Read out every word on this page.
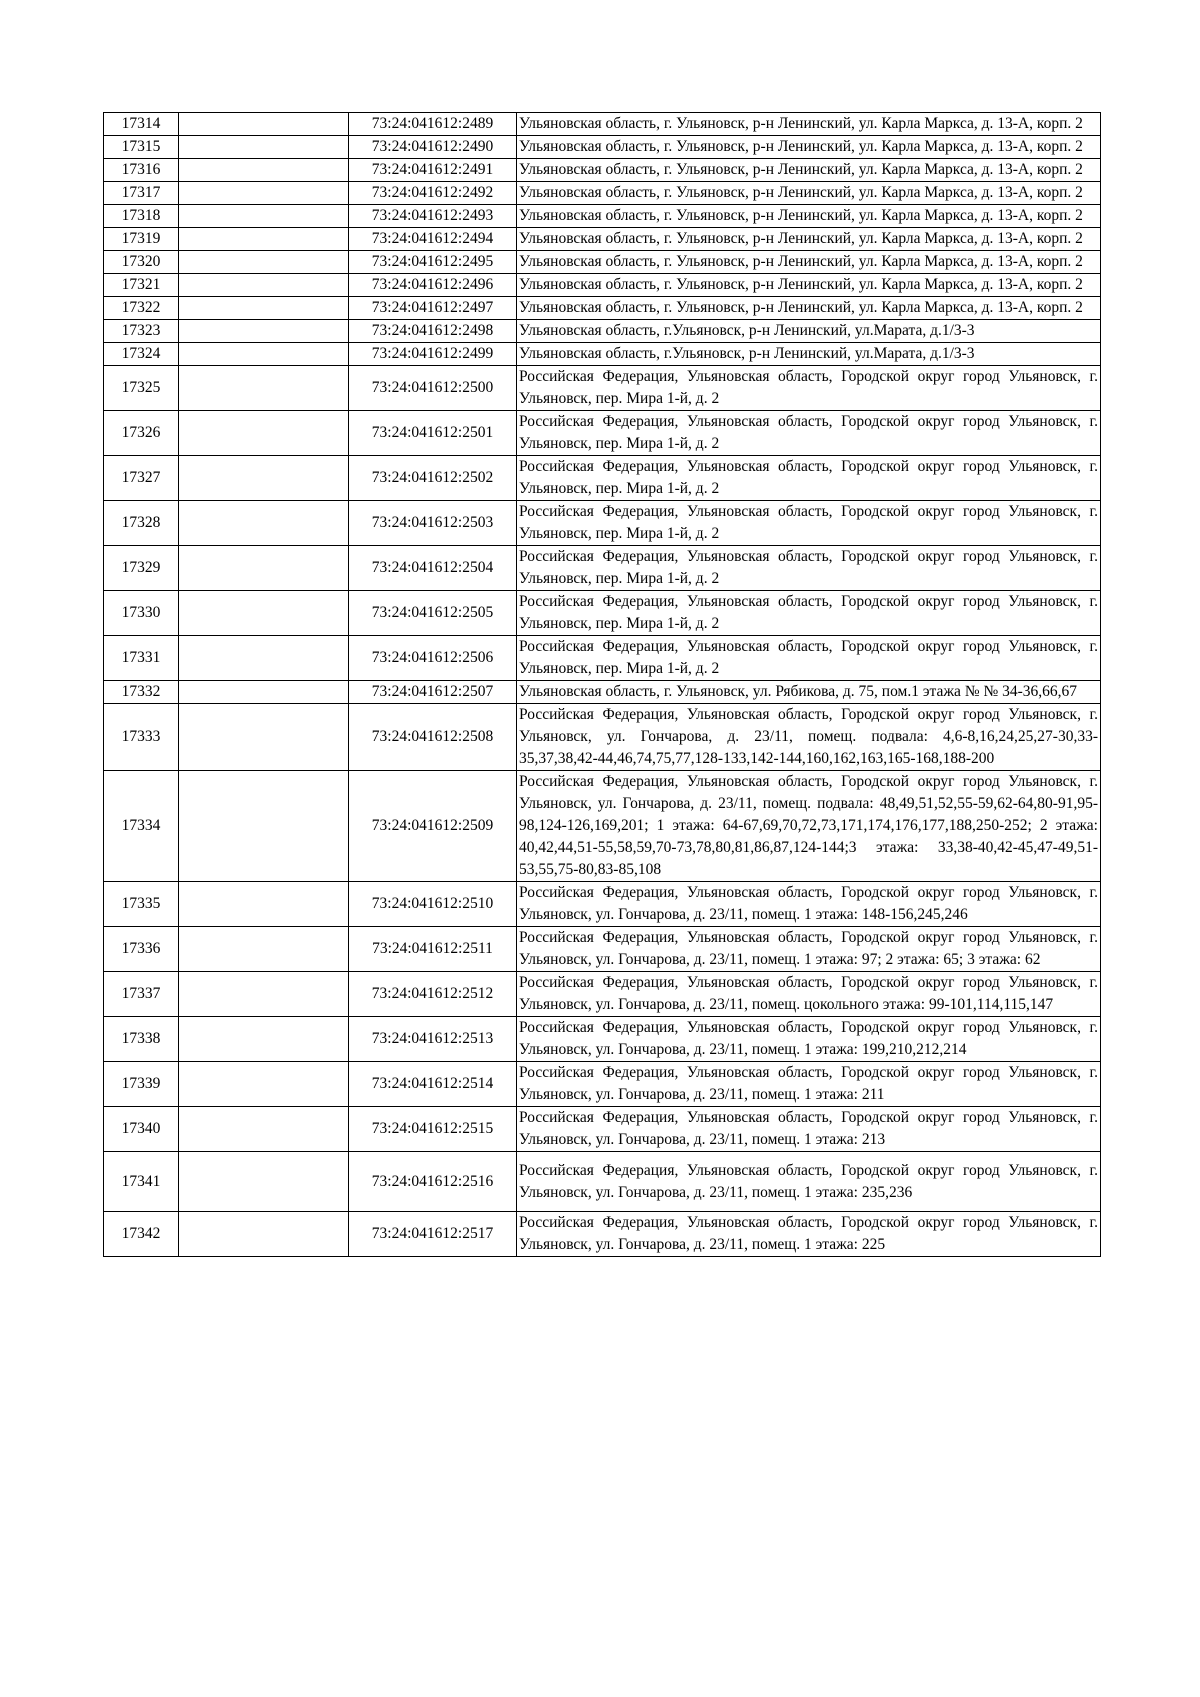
17314		73:24:041612:2489	Ульяновская область, г. Ульяновск, р-н Ленинский, ул. Карла Маркса, д. 13-А, корп. 2
17315		73:24:041612:2490	Ульяновская область, г. Ульяновск, р-н Ленинский, ул. Карла Маркса, д. 13-А, корп. 2
17316		73:24:041612:2491	Ульяновская область, г. Ульяновск, р-н Ленинский, ул. Карла Маркса, д. 13-А, корп. 2
17317		73:24:041612:2492	Ульяновская область, г. Ульяновск, р-н Ленинский, ул. Карла Маркса, д. 13-А, корп. 2
17318		73:24:041612:2493	Ульяновская область, г. Ульяновск, р-н Ленинский, ул. Карла Маркса, д. 13-А, корп. 2
17319		73:24:041612:2494	Ульяновская область, г. Ульяновск, р-н Ленинский, ул. Карла Маркса, д. 13-А, корп. 2
17320		73:24:041612:2495	Ульяновская область, г. Ульяновск, р-н Ленинский, ул. Карла Маркса, д. 13-А, корп. 2
17321		73:24:041612:2496	Ульяновская область, г. Ульяновск, р-н Ленинский, ул. Карла Маркса, д. 13-А, корп. 2
17322		73:24:041612:2497	Ульяновская область, г. Ульяновск, р-н Ленинский, ул. Карла Маркса, д. 13-А, корп. 2
17323		73:24:041612:2498	Ульяновская область, г.Ульяновск, р-н Ленинский, ул.Марата, д.1/3-3
17324		73:24:041612:2499	Ульяновская область, г.Ульяновск, р-н Ленинский, ул.Марата, д.1/3-3
17325		73:24:041612:2500	Российская Федерация, Ульяновская область, Городской округ город Ульяновск, г. Ульяновск, пер. Мира 1-й, д. 2
17326		73:24:041612:2501	Российская Федерация, Ульяновская область, Городской округ город Ульяновск, г. Ульяновск, пер. Мира 1-й, д. 2
17327		73:24:041612:2502	Российская Федерация, Ульяновская область, Городской округ город Ульяновск, г. Ульяновск, пер. Мира 1-й, д. 2
17328		73:24:041612:2503	Российская Федерация, Ульяновская область, Городской округ город Ульяновск, г. Ульяновск, пер. Мира 1-й, д. 2
17329		73:24:041612:2504	Российская Федерация, Ульяновская область, Городской округ город Ульяновск, г. Ульяновск, пер. Мира 1-й, д. 2
17330		73:24:041612:2505	Российская Федерация, Ульяновская область, Городской округ город Ульяновск, г. Ульяновск, пер. Мира 1-й, д. 2
17331		73:24:041612:2506	Российская Федерация, Ульяновская область, Городской округ город Ульяновск, г. Ульяновск, пер. Мира 1-й, д. 2
17332		73:24:041612:2507	Ульяновская область, г. Ульяновск, ул. Рябикова, д. 75, пом.1 этажа № № 34-36,66,67
17333		73:24:041612:2508	Российская Федерация, Ульяновская область, Городской округ город Ульяновск, г. Ульяновск, ул. Гончарова, д. 23/11, помещ. подвала: 4,6-8,16,24,25,27-30,33-35,37,38,42-44,46,74,75,77,128-133,142-144,160,162,163,165-168,188-200
17334		73:24:041612:2509	Российская Федерация, Ульяновская область, Городской округ город Ульяновск, г. Ульяновск, ул. Гончарова, д. 23/11, помещ. подвала: 48,49,51,52,55-59,62-64,80-91,95-98,124-126,169,201; 1 этажа: 64-67,69,70,72,73,171,174,176,177,188,250-252; 2 этажа: 40,42,44,51-55,58,59,70-73,78,80,81,86,87,124-144;3 этажа: 33,38-40,42-45,47-49,51-53,55,75-80,83-85,108
17335		73:24:041612:2510	Российская Федерация, Ульяновская область, Городской округ город Ульяновск, г. Ульяновск, ул. Гончарова, д. 23/11, помещ. 1 этажа: 148-156,245,246
17336		73:24:041612:2511	Российская Федерация, Ульяновская область, Городской округ город Ульяновск, г. Ульяновск, ул. Гончарова, д. 23/11, помещ. 1 этажа: 97; 2 этажа: 65; 3 этажа: 62
17337		73:24:041612:2512	Российская Федерация, Ульяновская область, Городской округ город Ульяновск, г. Ульяновск, ул. Гончарова, д. 23/11, помещ. цокольного этажа: 99-101,114,115,147
17338		73:24:041612:2513	Российская Федерация, Ульяновская область, Городской округ город Ульяновск, г. Ульяновск, ул. Гончарова, д. 23/11, помещ. 1 этажа: 199,210,212,214
17339		73:24:041612:2514	Российская Федерация, Ульяновская область, Городской округ город Ульяновск, г. Ульяновск, ул. Гончарова, д. 23/11, помещ. 1 этажа: 211
17340		73:24:041612:2515	Российская Федерация, Ульяновская область, Городской округ город Ульяновск, г. Ульяновск, ул. Гончарова, д. 23/11, помещ. 1 этажа: 213
17341		73:24:041612:2516	Российская Федерация, Ульяновская область, Городской округ город Ульяновск, г. Ульяновск, ул. Гончарова, д. 23/11, помещ. 1 этажа: 235,236
17342		73:24:041612:2517	Российская Федерация, Ульяновская область, Городской округ город Ульяновск, г. Ульяновск, ул. Гончарова, д. 23/11, помещ. 1 этажа: 225
